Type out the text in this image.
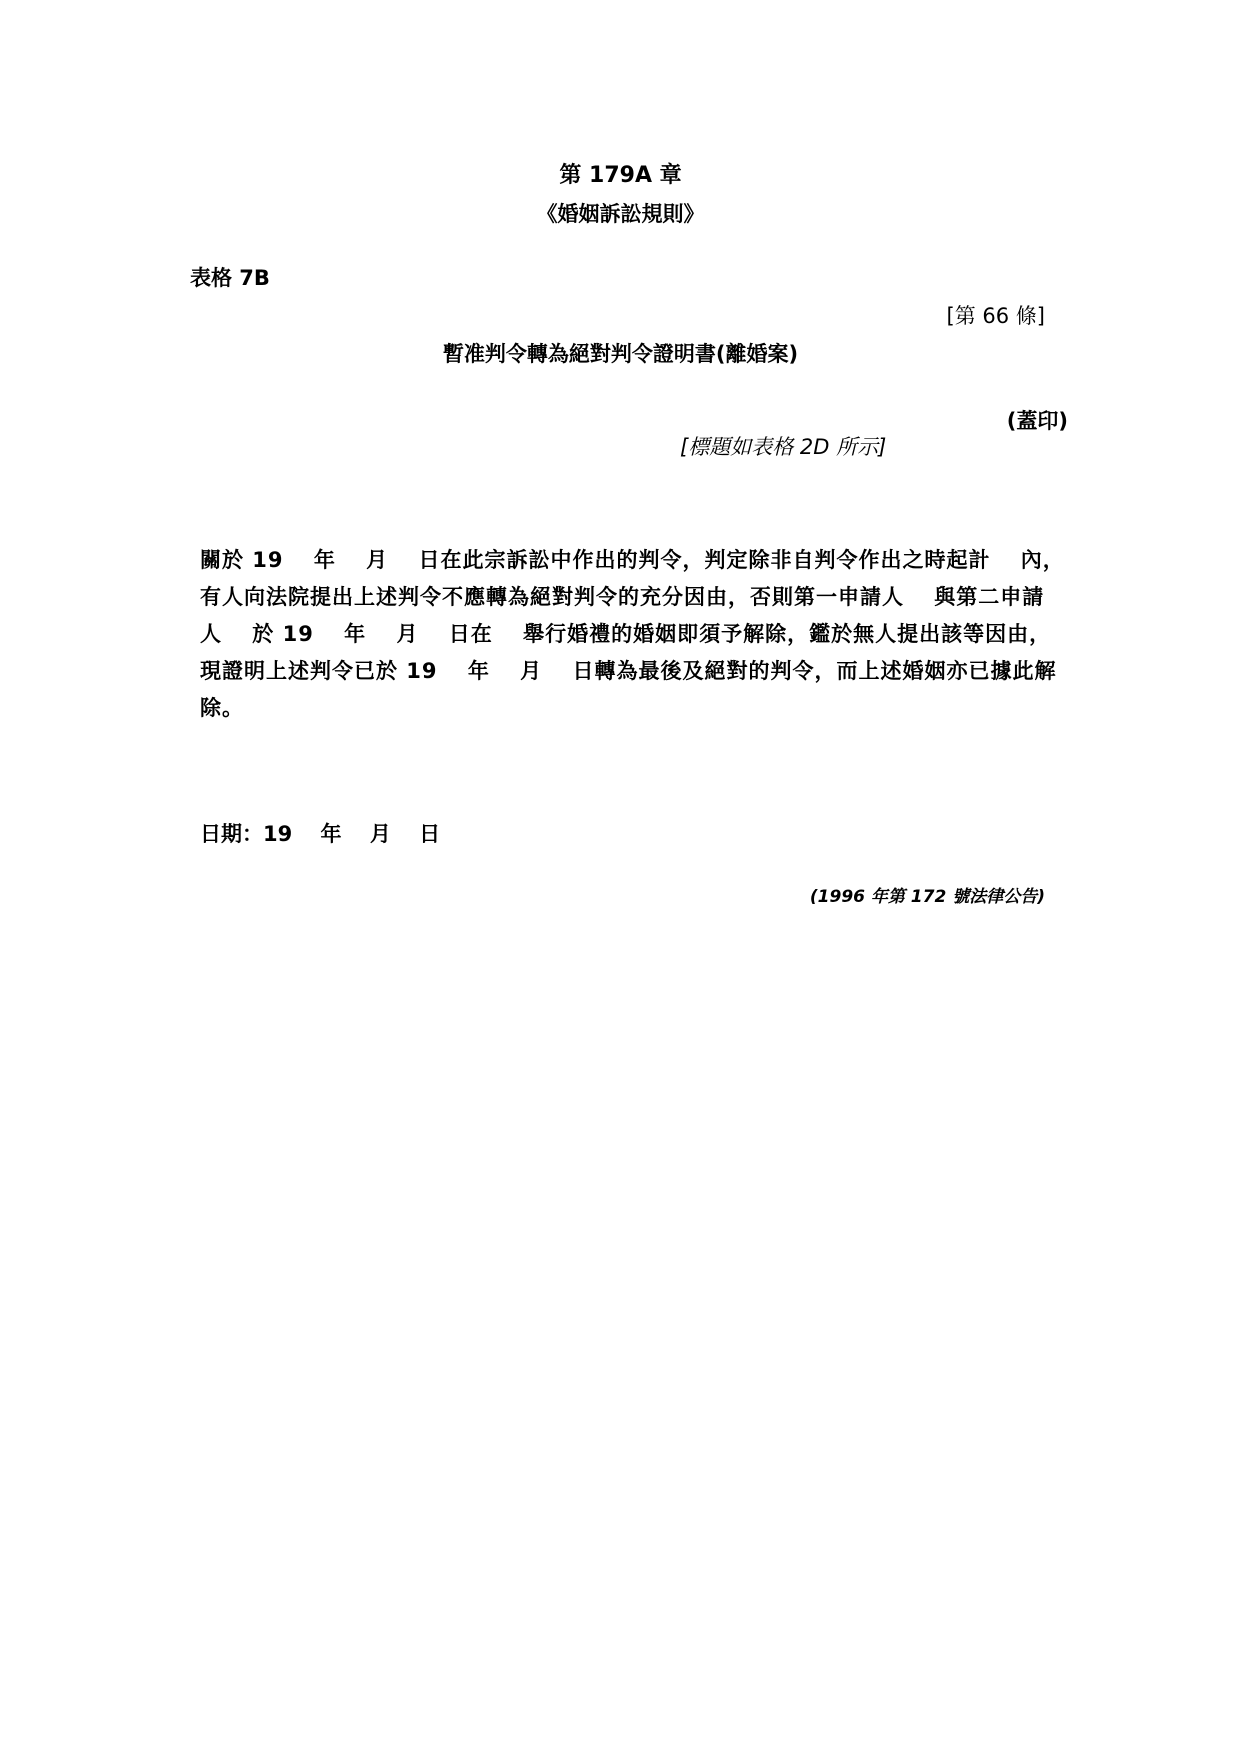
第 179A 章
《婚姻訴訟規則》
表格 7B
[第 66 條]
暫准判令轉為絕對判令證明書(離婚案)
(蓋印)
[標題如表格 2D 所示]

關於 19　 年　 月　 日在此宗訴訟中作出的判令，判定除非自判令作出之時起計　 內，

有人向法院提出上述判令不應轉為絕對判令的充分因由，否則第一申請人　 與第二申請

人　 於 19　 年　 月　 日在　 舉行婚禮的婚姻即須予解除，鑑於無人提出該等因由，

現證明上述判令已於 19　 年　 月　 日轉為最後及絕對的判令，而上述婚姻亦已據此解

除。

日期：19　 年　 月　 日
(1996 年第 172 號法律公告)
